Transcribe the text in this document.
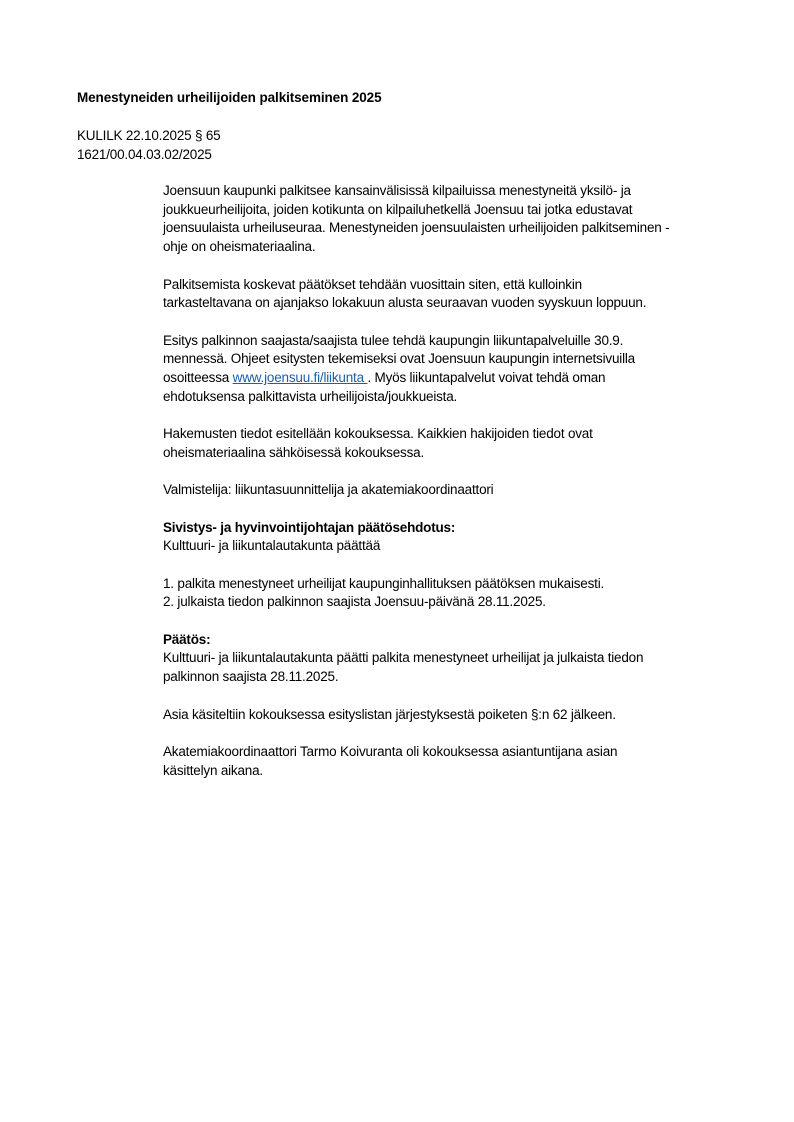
Menestyneiden urheilijoiden palkitseminen 2025
KULILK 22.10.2025 § 65
1621/00.04.03.02/2025

Joensuun kaupunki palkitsee kansainvälisissä kilpailuissa menestyneitä yksilö- ja
joukkueurheilijoita, joiden kotikunta on kilpailuhetkellä Joensuu tai jotka edustavat
joensuulaista urheiluseuraa. Menestyneiden joensuulaisten urheilijoiden palkitseminen -
ohje on oheismateriaalina.

Palkitsemista koskevat päätökset tehdään vuosittain siten, että kulloinkin
tarkasteltavana on ajanjakso lokakuun alusta seuraavan vuoden syyskuun loppuun.

Esitys palkinnon saajasta/saajista tulee tehdä kaupungin liikuntapalveluille 30.9.
mennessä. Ohjeet esitysten tekemiseksi ovat Joensuun kaupungin internetsivuilla
osoitteessa www.joensuu.fi/liikunta . Myös liikuntapalvelut voivat tehdä oman
ehdotuksensa palkittavista urheilijoista/joukkueista.

Hakemusten tiedot esitellään kokouksessa. Kaikkien hakijoiden tiedot ovat
oheismateriaalina sähköisessä kokouksessa.

Valmistelija: liikuntasuunnittelija ja akatemiakoordinaattori

Sivistys- ja hyvinvointijohtajan päätösehdotus:
Kulttuuri- ja liikuntalautakunta päättää

1. palkita menestyneet urheilijat kaupunginhallituksen päätöksen mukaisesti.
2. julkaista tiedon palkinnon saajista Joensuu-päivänä 28.11.2025.

Päätös:
Kulttuuri- ja liikuntalautakunta päätti palkita menestyneet urheilijat ja julkaista tiedon
palkinnon saajista 28.11.2025.

Asia käsiteltiin kokouksessa esityslistan järjestyksestä poiketen §:n 62 jälkeen.

Akatemiakoordinaattori Tarmo Koivuranta oli kokouksessa asiantuntijana asian
käsittelyn aikana.
